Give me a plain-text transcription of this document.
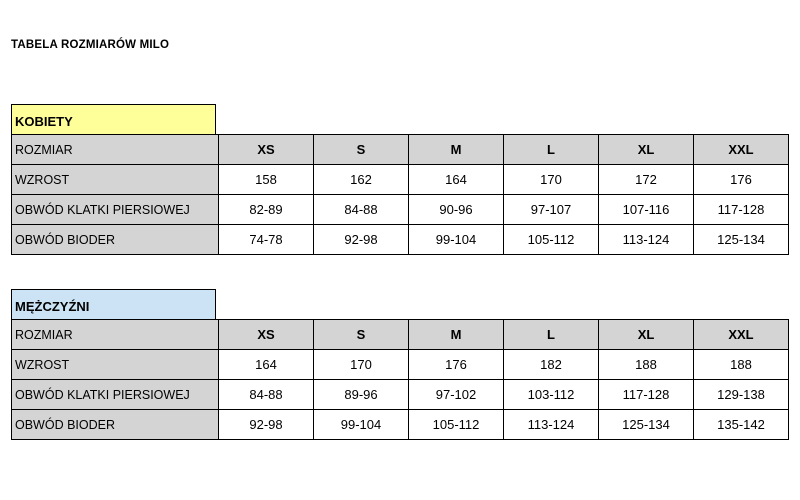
TABELA ROZMIARÓW MILO
KOBIETY
ROZMIAR	XS	S	M	L	XL	XXL
WZROST	158	162	164	170	172	176
OBWÓD KLATKI PIERSIOWEJ	82-89	84-88	90-96	97-107	107-116	117-128
OBWÓD BIODER	74-78	92-98	99-104	105-112	113-124	125-134
MĘŻCZYŹNI
ROZMIAR	XS	S	M	L	XL	XXL
WZROST	164	170	176	182	188	188
OBWÓD KLATKI PIERSIOWEJ	84-88	89-96	97-102	103-112	117-128	129-138
OBWÓD BIODER	92-98	99-104	105-112	113-124	125-134	135-142
